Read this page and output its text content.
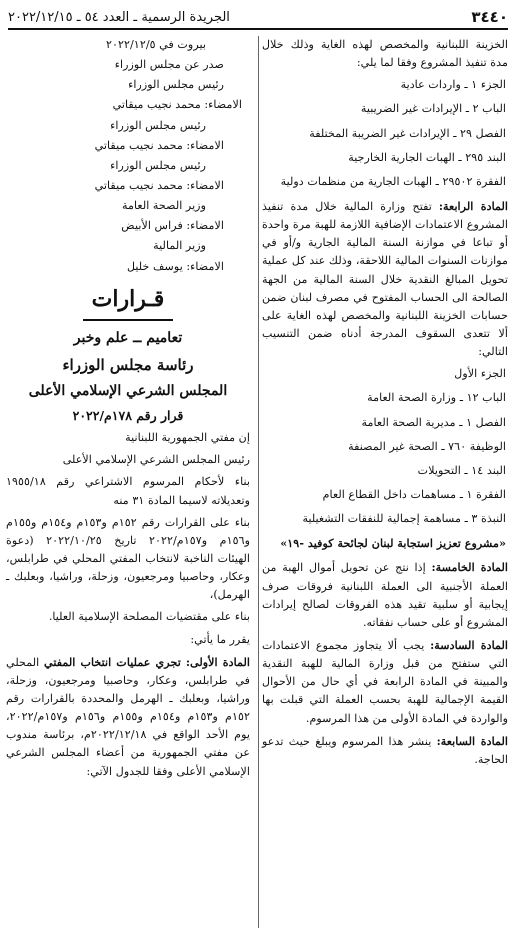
٣٤٤٠
الجريدة الرسمية ـ العدد ٥٤ ـ ٢٠٢٢/١٢/١٥
الخزينة اللبنانية والمخصص لهذه الغاية وذلك خلال مدة تنفيذ المشروع وفقا لما يلي:
الجزء ١ ـ واردات عادية
الباب ٢ ـ الإيرادات غير الضريبية
الفصل ٢٩ ـ الإيرادات غير الضريبة المختلفة
البند ٢٩٥ ـ الهبات الجارية الخارجية
الفقرة ٢٩٥٠٢ ـ الهبات الجارية من منظمات دولية
المادة الرابعة: تفتح وزارة المالية خلال مدة تنفيذ المشروع الاعتمادات الإضافية اللازمة للهبة مرة واحدة أو تباعا في موازنة السنة المالية الجارية و/أو في موازنات السنوات المالية اللاحقة، وذلك عند كل عملية تحويل المبالغ النقدية خلال السنة المالية من الجهة الصالحة الى الحساب المفتوح في مصرف لبنان ضمن حسابات الخزينة اللبنانية والمخصص لهذه الغاية على ألا تتعدى السقوف المدرجة أدناه ضمن التنسيب التالي:
الجزء الأول
الباب ١٢ ـ وزارة الصحة العامة
الفصل ١ ـ مديرية الصحة العامة
الوظيفة ٧٦٠ ـ الصحة غير المصنفة
البند ١٤ ـ التحويلات
الفقرة ١ ـ مساهمات داخل القطاع العام
النبذة ٣ ـ مساهمة إجمالية للنفقات التشغيلية
«مشروع تعزيز استجابة لبنان لجائحة كوفيد -١٩»
المادة الخامسة: إذا نتج عن تحويل أموال الهبة من العملة الأجنبية الى العملة اللبنانية فروقات صرف إيجابية أو سلبية تقيد هذه الفروقات لصالح إيرادات المشروع أو على حساب نفقاته.
المادة السادسة: يجب ألا يتجاوز مجموع الاعتمادات التي ستفتح من قبل وزارة المالية للهبة النقدية والمبينة في المادة الرابعة في أي حال من الأحوال القيمة الإجمالية للهبة بحسب العملة التي قبلت بها والواردة في المادة الأولى من هذا المرسوم.
المادة السابعة: ينشر هذا المرسوم ويبلغ حيث تدعو الحاجة.
بيروت في ٢٠٢٢/١٢/٥
صدر عن مجلس الوزراء
رئيس مجلس الوزراء
الامضاء: محمد نجيب ميقاتي
رئيس مجلس الوزراء
الامضاء: محمد نجيب ميقاتي
رئيس مجلس الوزراء
الامضاء: محمد نجيب ميقاتي
وزير الصحة العامة
الامضاء: فراس الأبيض
وزير المالية
الامضاء: يوسف خليل
قـرارات
تعاميم ــ علم وخبر
رئاسة مجلس الوزراء
المجلس الشرعي الإسلامي الأعلى
قرار رقم ١٧٨م/٢٠٢٢
إن مفتي الجمهورية اللبنانية
رئيس المجلس الشرعي الإسلامي الأعلى
بناء لأحكام المرسوم الاشتراعي رقم ١٩٥٥/١٨ وتعديلاته لاسيما المادة ٣١ منه
بناء على القرارات رقم ١٥٢م و١٥٣م و١٥٤م و١٥٥م و١٥٦م و١٥٧م/٢٠٢٢ تاريخ ٢٠٢٢/١٠/٢٥ (دعوة الهيئات الناخبة لانتخاب المفتي المحلي في طرابلس، وعكار، وحاصبيا ومرجعيون، وزحلة، وراشيا، وبعلبك ـ الهرمل)،
بناء على مقتضيات المصلحة الإسلامية العليا.
يقرر ما يأتي:
المادة الأولى: تجري عمليات انتخاب المفتي المحلي في طرابلس، وعكار، وحاصبيا ومرجعيون، وزحلة، وراشيا، وبعلبك ـ الهرمل والمحددة بالقرارات رقم ١٥٢م و١٥٣م و١٥٤م و١٥٥م و١٥٦م و١٥٧م/٢٠٢٢، يوم الأحد الواقع في ٢٠٢٢/١٢/١٨م، برئاسة مندوب عن مفتي الجمهورية من أعضاء المجلس الشرعي الإسلامي الأعلى وفقا للجدول الآتي:
